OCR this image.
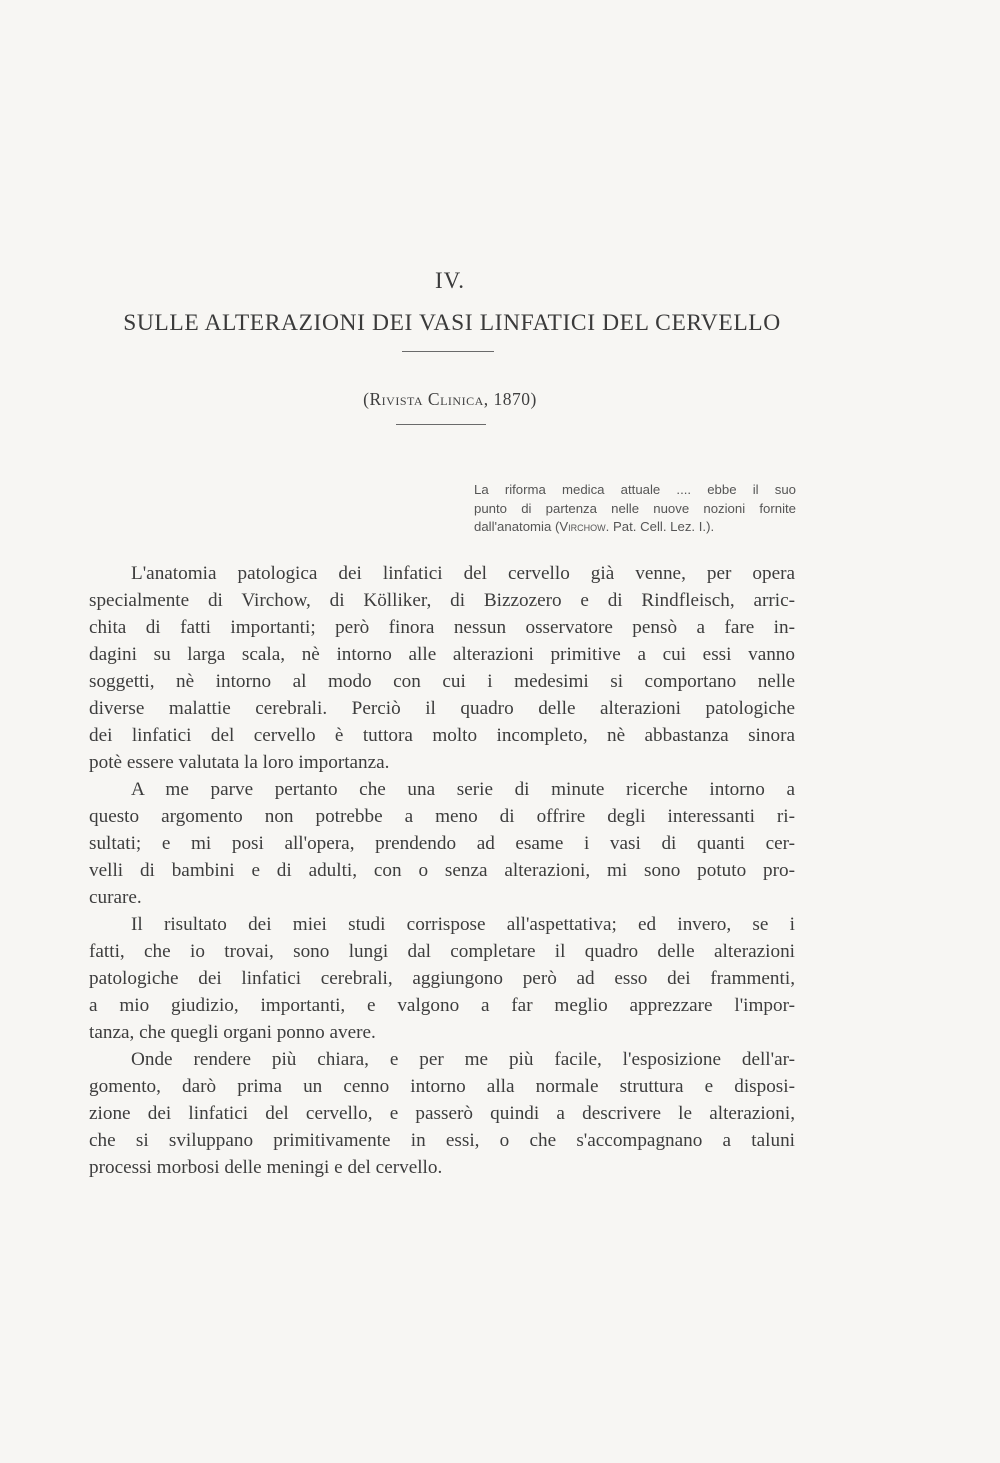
IV.
SULLE ALTERAZIONI DEI VASI LINFATICI DEL CERVELLO
(Rivista Clinica, 1870)
La riforma medica attuale .... ebbe il suo
punto di partenza nelle nuove nozioni fornite
dall'anatomia (Virchow. Pat. Cell. Lez. I.).

L'anatomia patologica dei linfatici del cervello già venne, per opera
specialmente di Virchow, di Kölliker, di Bizzozero e di Rindfleisch, arric-
chita di fatti importanti; però finora nessun osservatore pensò a fare in-
dagini su larga scala, nè intorno alle alterazioni primitive a cui essi vanno
soggetti, nè intorno al modo con cui i medesimi si comportano nelle
diverse malattie cerebrali. Perciò il quadro delle alterazioni patologiche
dei linfatici del cervello è tuttora molto incompleto, nè abbastanza sinora
potè essere valutata la loro importanza.

A me parve pertanto che una serie di minute ricerche intorno a
questo argomento non potrebbe a meno di offrire degli interessanti ri-
sultati; e mi posi all'opera, prendendo ad esame i vasi di quanti cer-
velli di bambini e di adulti, con o senza alterazioni, mi sono potuto pro-
curare.

Il risultato dei miei studi corrispose all'aspettativa; ed invero, se i
fatti, che io trovai, sono lungi dal completare il quadro delle alterazioni
patologiche dei linfatici cerebrali, aggiungono però ad esso dei frammenti,
a mio giudizio, importanti, e valgono a far meglio apprezzare l'impor-
tanza, che quegli organi ponno avere.

Onde rendere più chiara, e per me più facile, l'esposizione dell'ar-
gomento, darò prima un cenno intorno alla normale struttura e disposi-
zione dei linfatici del cervello, e passerò quindi a descrivere le alterazioni,
che si sviluppano primitivamente in essi, o che s'accompagnano a taluni
processi morbosi delle meningi e del cervello.
